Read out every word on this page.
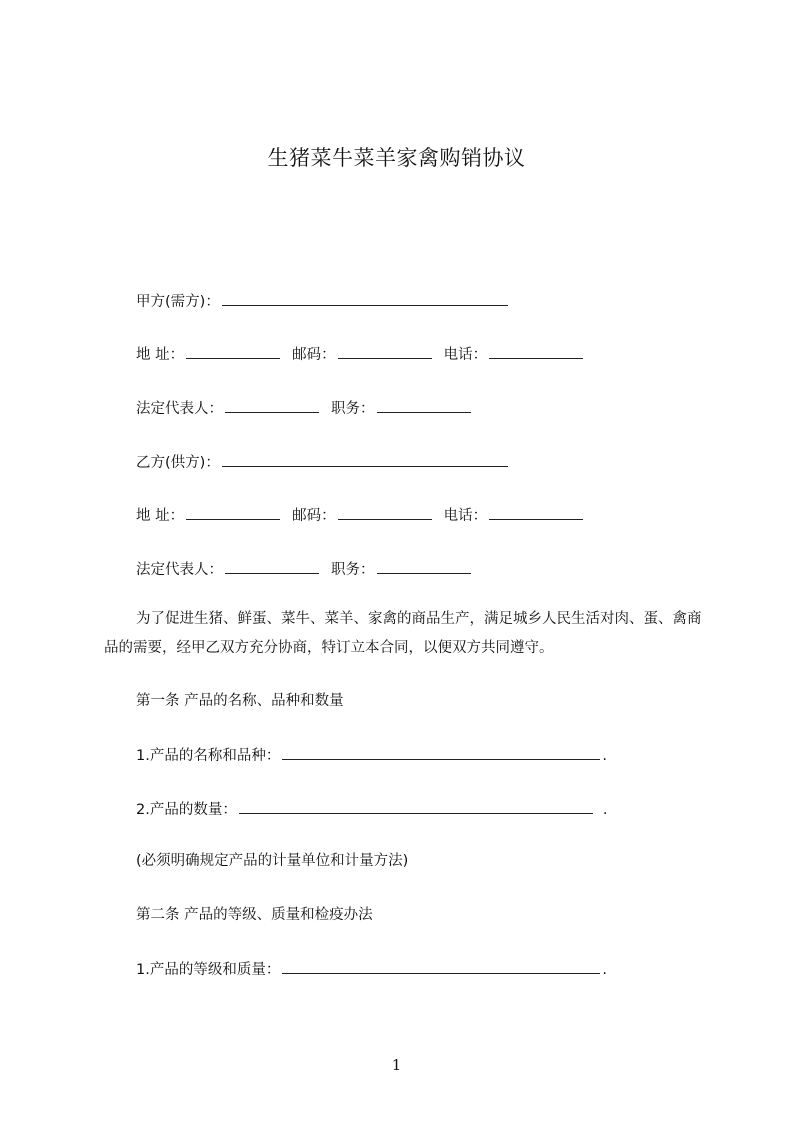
生猪菜牛菜羊家禽购销协议
甲方(需方)：
地 址：	邮码：	电话：
法定代表人：	职务：
乙方(供方)：
地 址：	邮码：	电话：
法定代表人：	职务：
为了促进生猪、鲜蛋、菜牛、菜羊、家禽的商品生产，满足城乡人民生活对肉、蛋、禽商品的需要，经甲乙双方充分协商，特订立本合同，以便双方共同遵守。
第一条 产品的名称、品种和数量
1.产品的名称和品种：	.
2.产品的数量：	.
(必须明确规定产品的计量单位和计量方法)
第二条 产品的等级、质量和检疫办法
1.产品的等级和质量：	.
1
